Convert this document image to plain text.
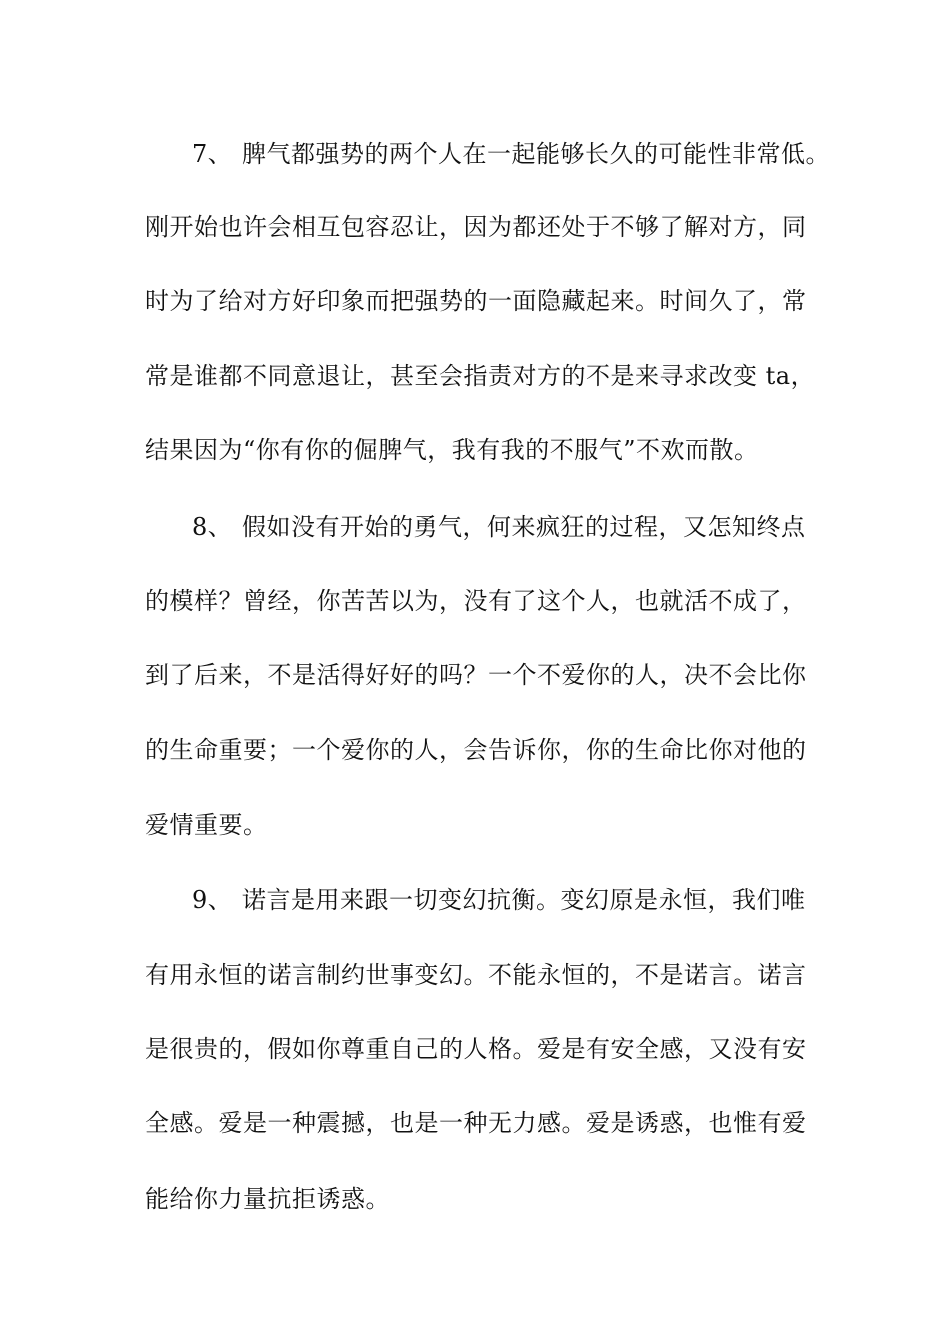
7、 脾气都强势的两个人在一起能够长久的可能性非常低。
刚开始也许会相互包容忍让，因为都还处于不够了解对方，同
时为了给对方好印象而把强势的一面隐藏起来。时间久了，常
常是谁都不同意退让，甚至会指责对方的不是来寻求改变 ta，
结果因为“你有你的倔脾气，我有我的不服气”不欢而散。
8、 假如没有开始的勇气，何来疯狂的过程，又怎知终点
的模样？曾经，你苦苦以为，没有了这个人，也就活不成了，
到了后来，不是活得好好的吗？一个不爱你的人，决不会比你
的生命重要；一个爱你的人，会告诉你，你的生命比你对他的
爱情重要。
9、 诺言是用来跟一切变幻抗衡。变幻原是永恒，我们唯
有用永恒的诺言制约世事变幻。不能永恒的，不是诺言。诺言
是很贵的，假如你尊重自己的人格。爱是有安全感，又没有安
全感。爱是一种震撼，也是一种无力感。爱是诱惑，也惟有爱
能给你力量抗拒诱惑。
